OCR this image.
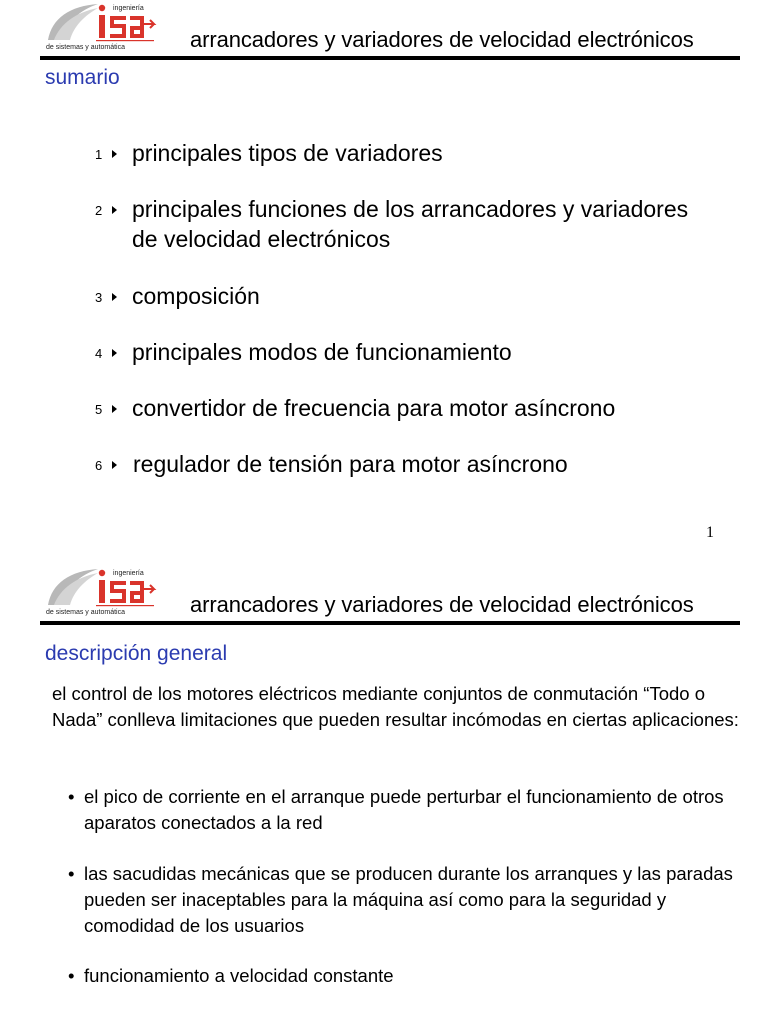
ingeniería
de sistemas y automática	arrancadores y variadores de velocidad electrónicos
sumario
1 principales tipos de variadores
2 principales funciones de los arrancadores y variadores de velocidad electrónicos
3 composición
4 principales modos de funcionamiento
5 convertidor de frecuencia para motor asíncrono
6 regulador de tensión para motor asíncrono
1
ingeniería
de sistemas y automática	arrancadores y variadores de velocidad electrónicos
descripción general
el control de los motores eléctricos mediante conjuntos de conmutación “Todo o Nada” conlleva limitaciones que pueden resultar incómodas en ciertas aplicaciones:
• el pico de corriente en el arranque puede perturbar el funcionamiento de otros aparatos conectados a la red
• las sacudidas mecánicas que se producen durante los arranques y las paradas pueden ser inaceptables para la máquina así como para la seguridad y comodidad de los usuarios
• funcionamiento a velocidad constante
